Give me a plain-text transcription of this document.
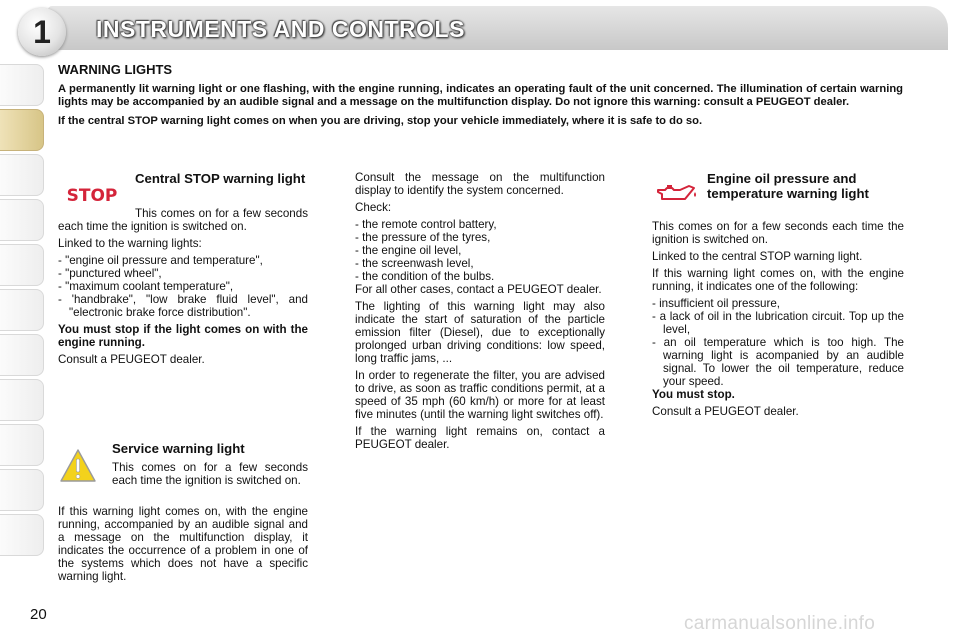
1	INSTRUMENTS AND CONTROLS
WARNING LIGHTS

A permanently lit warning light or one flashing, with the engine running, indicates an operating fault of the unit concerned. The illumination of certain warning lights may be accompanied by an audible signal and a message on the multifunction display. Do not ignore this warning: consult a PEUGEOT dealer.

If the central STOP warning light comes on when you are driving, stop your vehicle immediately, where it is safe to do so.

STOP
Central STOP warning light

This comes on for a few seconds each time the ignition is switched on.

Linked to the warning lights:

- "engine oil pressure and temperature",
- "punctured wheel",
- "maximum coolant temperature",
- 'handbrake", "low brake fluid level", and "electronic brake force distribution".

You must stop if the light comes on with the engine running.

Consult a PEUGEOT dealer.

Service warning light

This comes on for a few seconds each time the ignition is switched on.

If this warning light comes on, with the engine running, accompanied by an audible signal and a message on the multifunction display, it indicates the occurrence of a problem in one of the systems which does not have a specific warning light.

Consult the message on the multifunction display to identify the system concerned.

Check:

- the remote control battery,
- the pressure of the tyres,
- the engine oil level,
- the screenwash level,
- the condition of the bulbs.

For all other cases, contact a PEUGEOT dealer.

The lighting of this warning light may also indicate the start of saturation of the particle emission filter (Diesel), due to exceptionally prolonged urban driving conditions: low speed, long traffic jams, ...

In order to regenerate the filter, you are advised to drive, as soon as traffic conditions permit, at a speed of 35 mph (60 km/h) or more for at least five minutes (until the warning light switches off).

If the warning light remains on, contact a PEUGEOT dealer.

Engine oil pressure and temperature warning light

This comes on for a few seconds each time the ignition is switched on.

Linked to the central STOP warning light.

If this warning light comes on, with the engine running, it indicates one of the following:

- insufficient oil pressure,
- a lack of oil in the lubrication circuit. Top up the level,
- an oil temperature which is too high. The warning light is acompanied by an audible signal. To lower the oil temperature, reduce your speed.

You must stop.

Consult a PEUGEOT dealer.

20	carmanualsonline.info
